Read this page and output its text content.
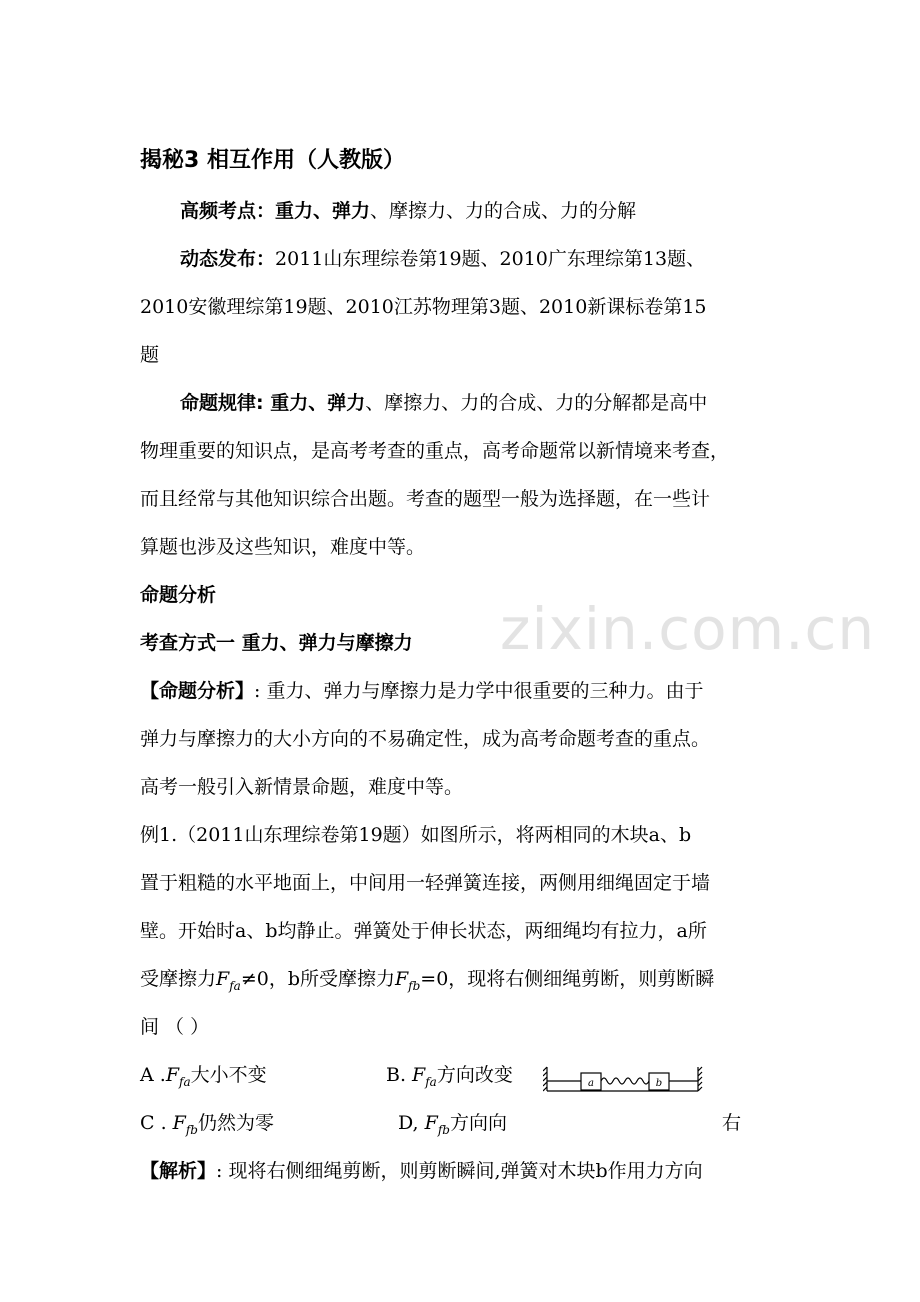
zixin.com.cn
揭秘3 相互作用（人教版）
高频考点：重力、弹力、摩擦力、力的合成、力的分解
动态发布：2011山东理综卷第19题、2010广东理综第13题、
2010安徽理综第19题、2010江苏物理第3题、2010新课标卷第15
题
命题规律: 重力、弹力、摩擦力、力的合成、力的分解都是高中
物理重要的知识点，是高考考查的重点，高考命题常以新情境来考查，
而且经常与其他知识综合出题。考查的题型一般为选择题，在一些计
算题也涉及这些知识，难度中等。
命题分析
考查方式一 重力、弹力与摩擦力
【命题分析】: 重力、弹力与摩擦力是力学中很重要的三种力。由于
弹力与摩擦力的大小方向的不易确定性，成为高考命题考查的重点。
高考一般引入新情景命题，难度中等。
例1.（2011山东理综卷第19题）如图所示，将两相同的木块a、b
置于粗糙的水平地面上，中间用一轻弹簧连接，两侧用细绳固定于墙
壁。开始时a、b均静止。弹簧处于伸长状态，两细绳均有拉力，a所
受摩擦力$F_{fa}\ne 0$，b所受摩擦力$F_{fb}=0$，现将右侧细绳剪断，则剪断瞬
间 （ ）
A $.F_{fa}$大小不变	B. $F_{fa}$方向改变	a	b
C . $F_{fb}$仍然为零	D, $F_{fb}$方向向	右
【解析】: 现将右侧细绳剪断，则剪断瞬间,弹簧对木块b作用力方向
